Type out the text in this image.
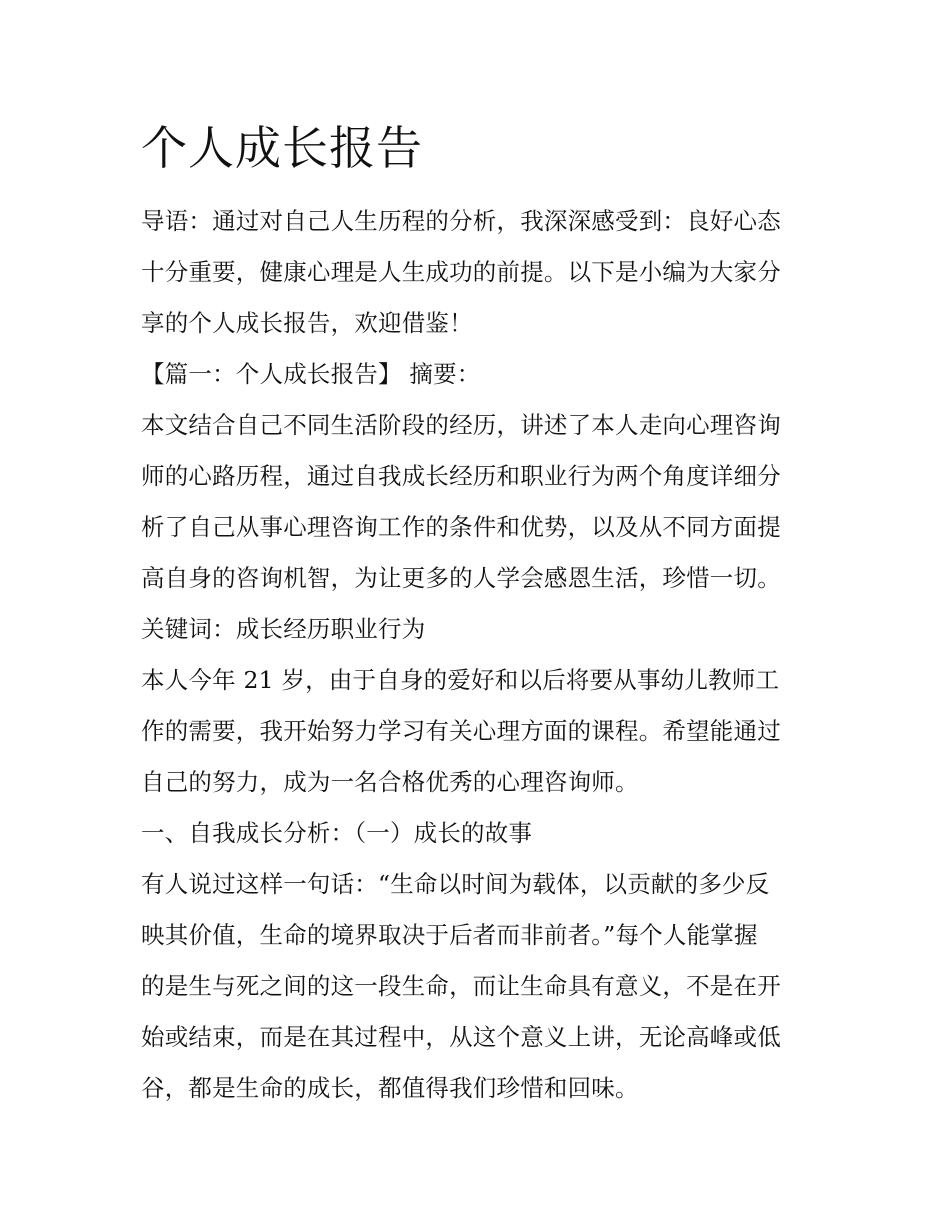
个人成长报告
导语：通过对自己人生历程的分析，我深深感受到：良好心态
十分重要，健康心理是人生成功的前提。以下是小编为大家分
享的个人成长报告，欢迎借鉴！
【篇一：个人成长报告】 摘要：
本文结合自己不同生活阶段的经历，讲述了本人走向心理咨询
师的心路历程，通过自我成长经历和职业行为两个角度详细分
析了自己从事心理咨询工作的条件和优势，以及从不同方面提
高自身的咨询机智，为让更多的人学会感恩生活，珍惜一切。
关键词：成长经历职业行为
本人今年 21 岁，由于自身的爱好和以后将要从事幼儿教师工
作的需要，我开始努力学习有关心理方面的课程。希望能通过
自己的努力，成为一名合格优秀的心理咨询师。
一、自我成长分析：（一）成长的故事
有人说过这样一句话：“生命以时间为载体，以贡献的多少反
映其价值，生命的境界取决于后者而非前者。”每个人能掌握
的是生与死之间的这一段生命，而让生命具有意义，不是在开
始或结束，而是在其过程中，从这个意义上讲，无论高峰或低
谷，都是生命的成长，都值得我们珍惜和回味。
